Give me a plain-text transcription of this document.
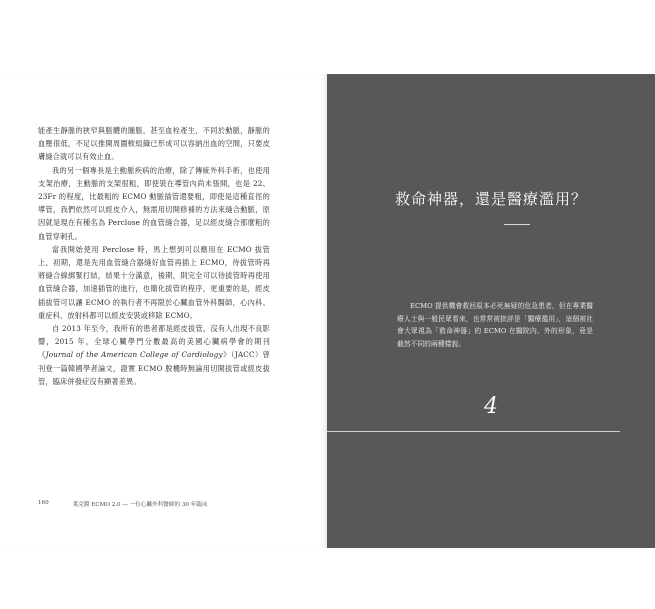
能產生靜脈的狹窄與脹體的腫脹，甚至血栓產生，不同於動脈，靜脈的血壓很低，不足以推開周圍軟組織已形成可以容納出血的空間，只要皮膚縫合就可以有效止血。

我的另一個專長是主動脈疾病的治療，除了傳統外科手術，也使用支架治療，主動脈的支架很粗，即使裝在導管內尚未張開，也是 22、23Fr 的程度，比最粗的 ECMO 動脈插管還要粗，即使是這種直徑的導管，我們依然可以經皮介入，無需用切開修補的方法來縫合動脈，原因就是現在有種名為 Perclose 的血管縫合器，足以經皮縫合那麼粗的血管穿刺孔。

當我開始使用 Perclose 時，馬上想到可以應用在 ECMO 拔管上，初期，還是先用血管縫合器縫好血管再插上 ECMO，待拔管時再將縫合線綁緊打結，結果十分滿意，後期，則完全可以待拔管時再使用血管縫合器，加速插管的進行，也簡化拔管的程序，更重要的是，經皮插拔管可以讓 ECMO 的執行者不再限於心臟血管外科醫師，心內科、重症科、放射科都可以經皮安裝或移除 ECMO。

自 2013 年至今，我所有的患者都是經皮拔管，沒有人出現不良影響，2015 年，全球心臟學門分數最高的美國心臟病學會的期刊《Journal of the American College of Cardiology》（JACC）曾刊登一篇韓國學者論文，證實 ECMO 脫機時無論用切開拔管或經皮拔管，臨床併發症沒有顯著差異。

160	葉克膜 ECMO 2.0 — 一位心臟外科醫師的 30 年臨床
救命神器，還是醫療濫用？

ECMO 提供機會救回原本必死無疑的危急患者，但在專業醫療人士與一般民眾看來，也常常被批評是「醫療濫用」，這個被社會大眾視為「救命神器」的 ECMO 在醫院內、外的形象，竟是截然不同的兩種樣貌。

4
